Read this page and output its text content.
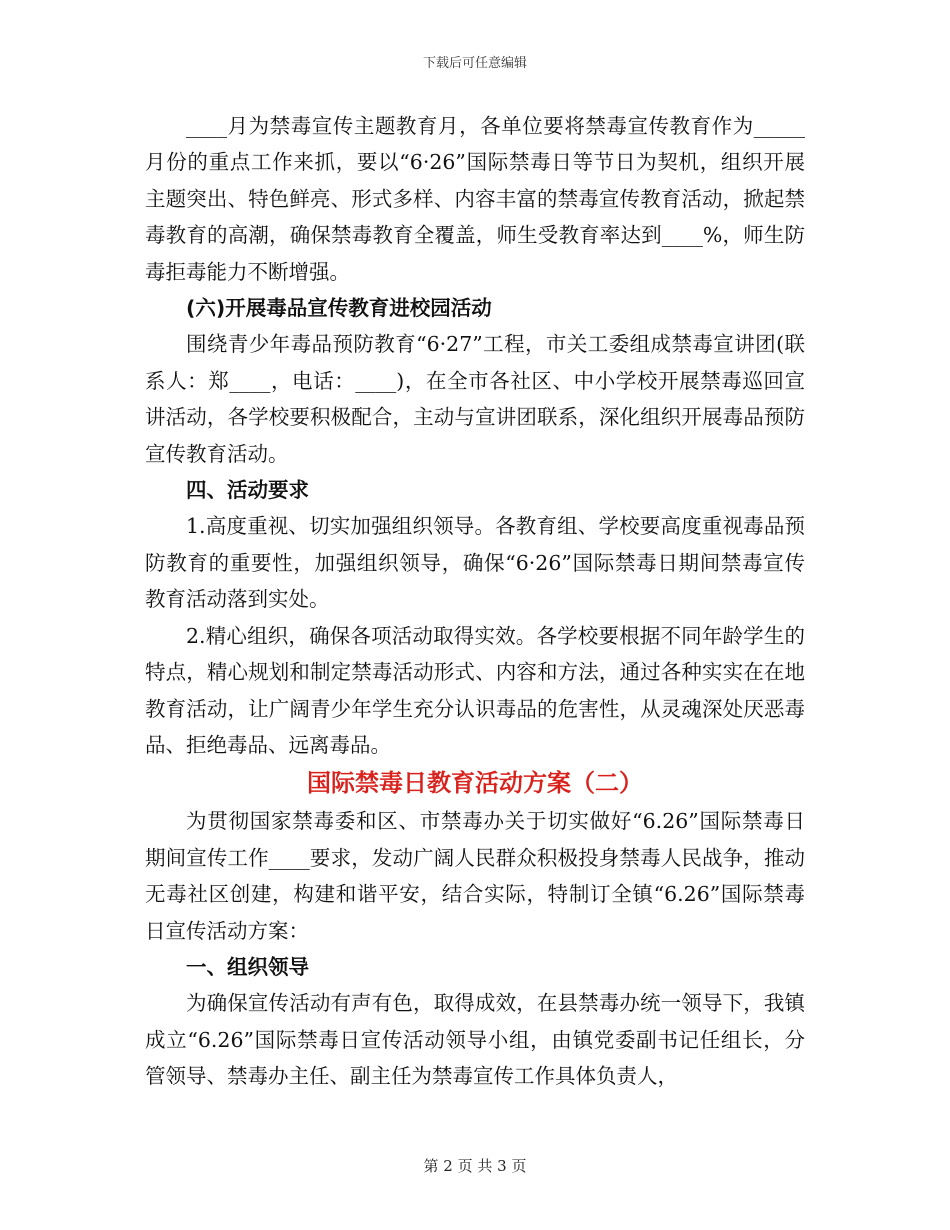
下载后可任意编辑

____月为禁毒宣传主题教育月，各单位要将禁毒宣传教育作为_____月份的重点工作来抓，要以“6·26”国际禁毒日等节日为契机，组织开展主题突出、特色鲜亮、形式多样、内容丰富的禁毒宣传教育活动，掀起禁毒教育的高潮，确保禁毒教育全覆盖，师生受教育率达到____%，师生防毒拒毒能力不断增强。

(六)开展毒品宣传教育进校园活动

围绕青少年毒品预防教育“6·27”工程，市关工委组成禁毒宣讲团(联系人：郑____，电话：____)，在全市各社区、中小学校开展禁毒巡回宣讲活动，各学校要积极配合，主动与宣讲团联系，深化组织开展毒品预防宣传教育活动。

四、活动要求

1.高度重视、切实加强组织领导。各教育组、学校要高度重视毒品预防教育的重要性，加强组织领导，确保“6·26”国际禁毒日期间禁毒宣传教育活动落到实处。

2.精心组织，确保各项活动取得实效。各学校要根据不同年龄学生的特点，精心规划和制定禁毒活动形式、内容和方法，通过各种实实在在地教育活动，让广阔青少年学生充分认识毒品的危害性，从灵魂深处厌恶毒品、拒绝毒品、远离毒品。

国际禁毒日教育活动方案（二）

为贯彻国家禁毒委和区、市禁毒办关于切实做好“6.26”国际禁毒日期间宣传工作____要求，发动广阔人民群众积极投身禁毒人民战争，推动无毒社区创建，构建和谐平安，结合实际，特制订全镇“6.26”国际禁毒日宣传活动方案：

一、组织领导

为确保宣传活动有声有色，取得成效，在县禁毒办统一领导下，我镇成立“6.26”国际禁毒日宣传活动领导小组，由镇党委副书记任组长，分管领导、禁毒办主任、副主任为禁毒宣传工作具体负责人，

第 2 页 共 3 页
